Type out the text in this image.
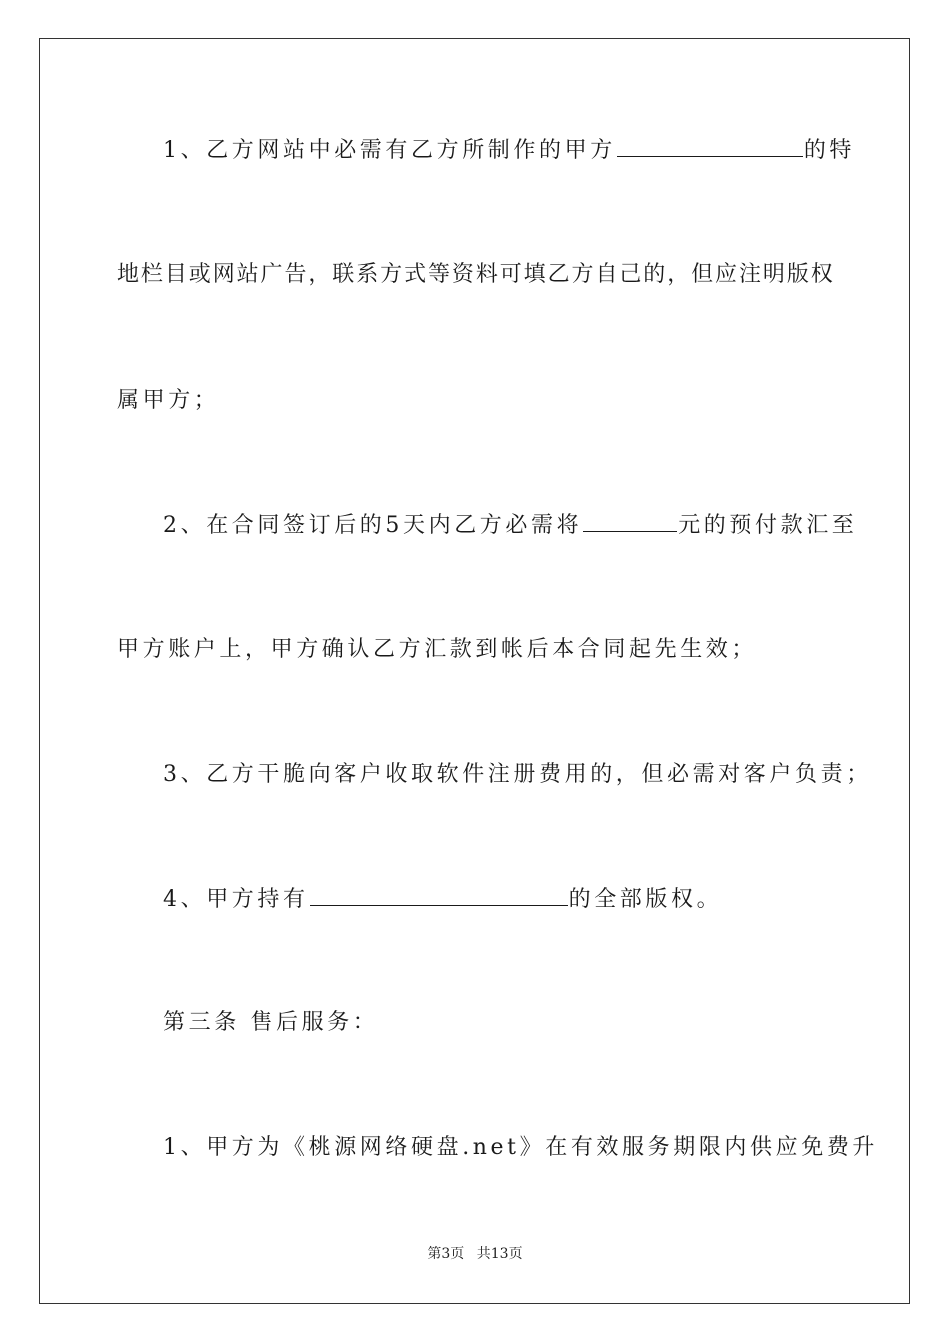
1、乙方网站中必需有乙方所制作的甲方	的特
地 栏 目 或 网 站 广 告 ， 联 系 方 式 等 资 料 可 填 乙 方 自 己 的 ， 但 应 注 明 版 权
属甲方；
2、在合同签订后的5天内乙方必需将	元的预付款汇至
甲方账户上，甲方确认乙方汇款到帐后本合同起先生效；
3、乙方干脆向客户收取软件注册费用的，但必需对客户负责；
4、甲方持有	的全部版权。
第三条 售后服务：
1、甲方为《桃源网络硬盘.net》在有效服务期限内供应免费升
第3页 共13页
